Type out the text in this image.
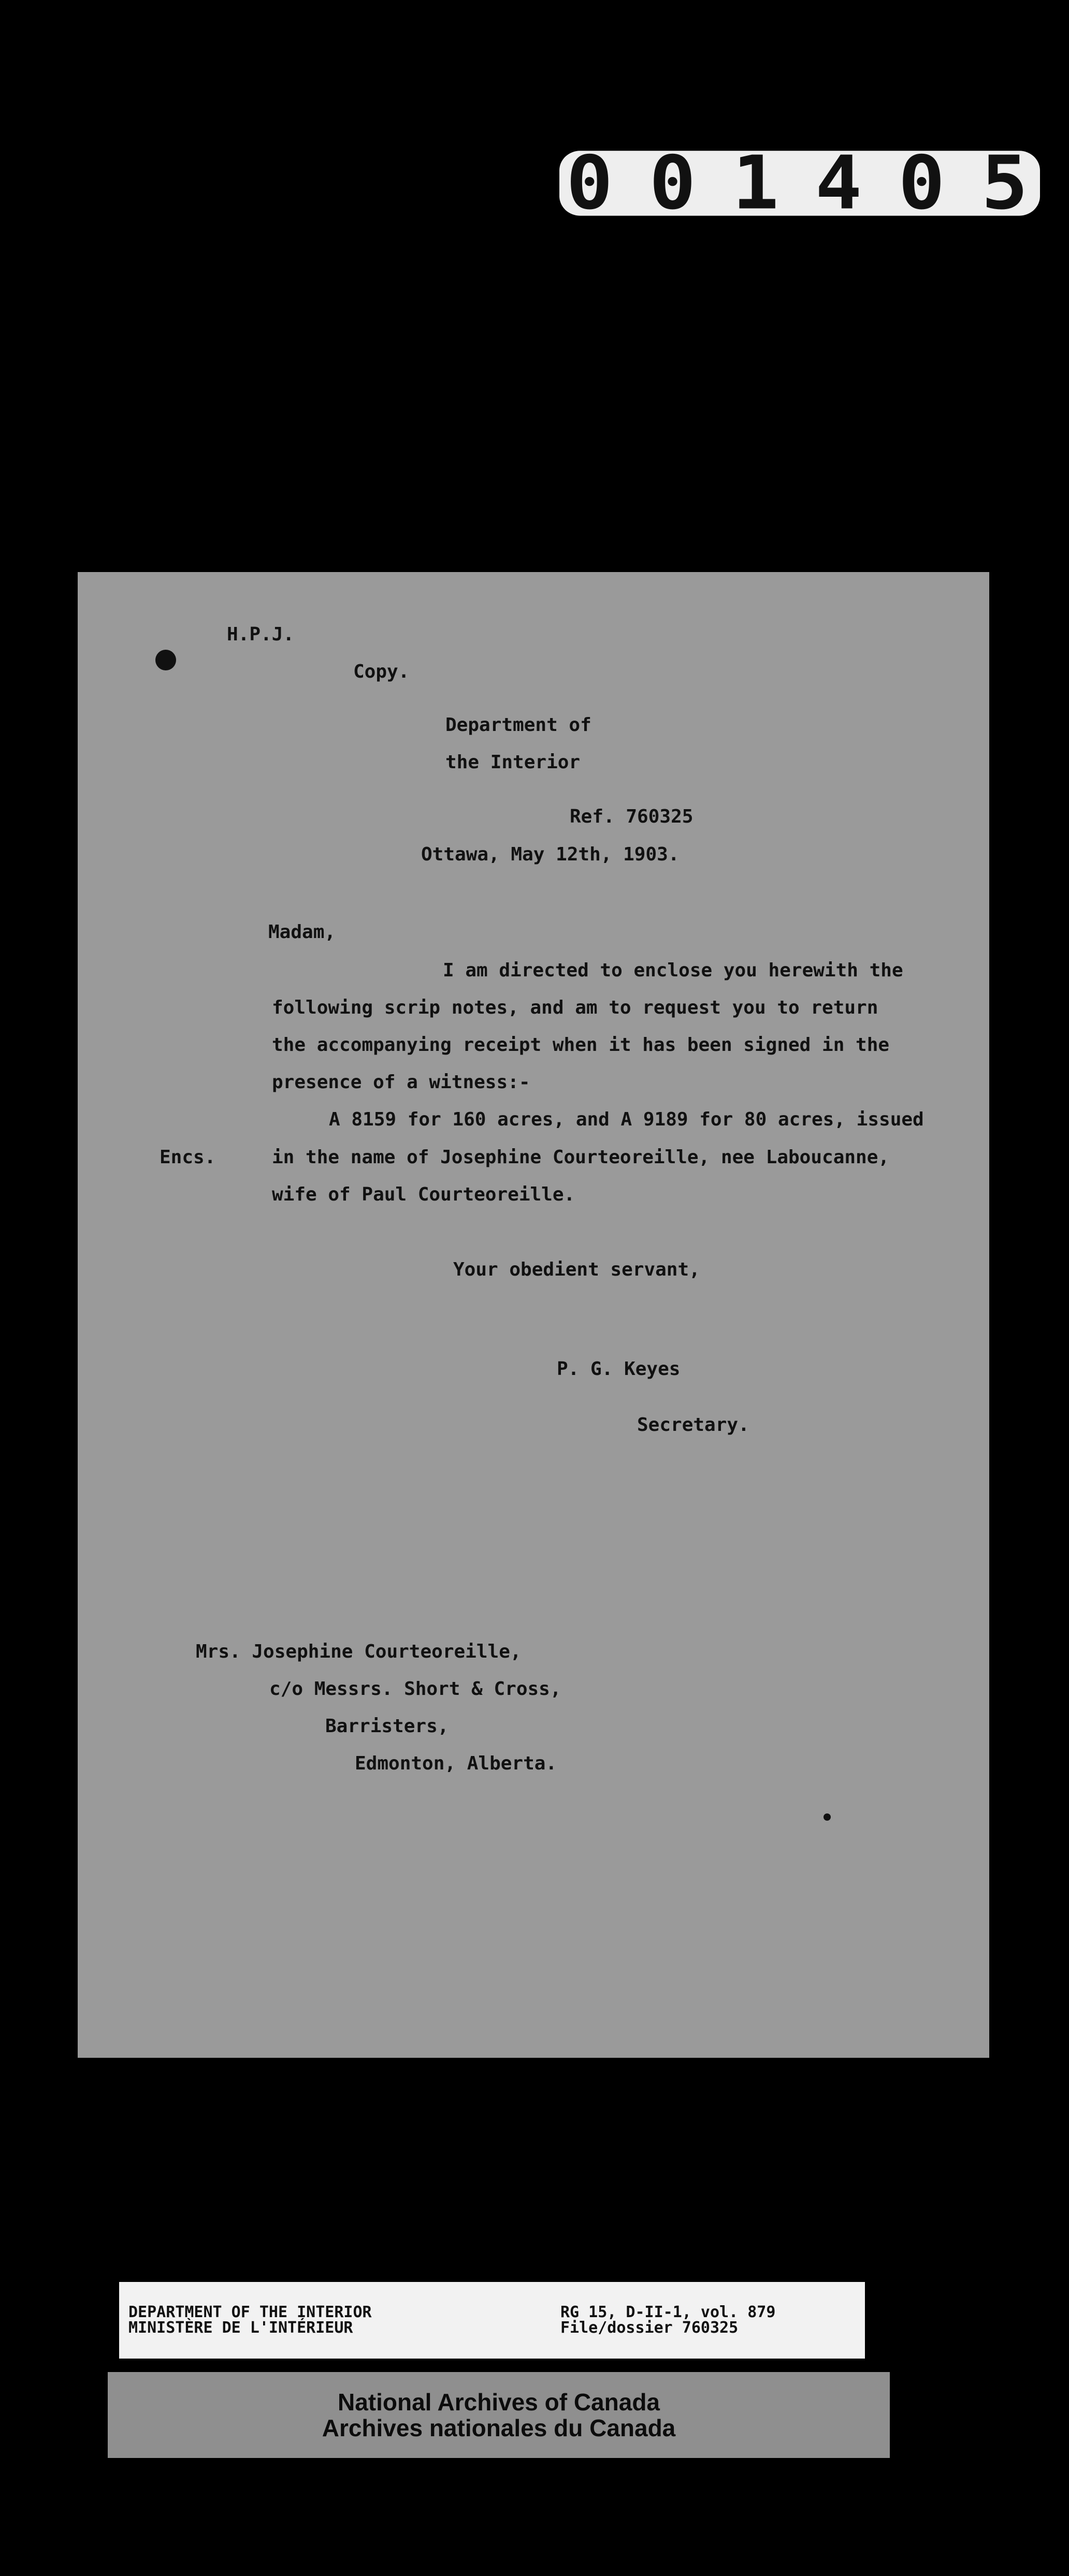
001405
H.P.J.
Copy.
Department of
the Interior
Ref. 760325
Ottawa, May 12th, 1903.
Madam,
I am directed to enclose you herewith the
following scrip notes, and am to request you to return
the accompanying receipt when it has been signed in the
presence of a witness:-
A 8159 for 160 acres, and A 9189 for 80 acres, issued
Encs.	in the name of Josephine Courteoreille, nee Laboucanne,
wife of Paul Courteoreille.
Your obedient servant,
P. G. Keyes
Secretary.
Mrs. Josephine Courteoreille,
c/o Messrs. Short & Cross,
Barristers,
Edmonton, Alberta.
DEPARTMENT OF THE INTERIOR
MINISTÈRE DE L'INTÉRIEUR
RG 15, D-II-1, vol. 879
File/dossier 760325
National Archives of Canada
Archives nationales du Canada
